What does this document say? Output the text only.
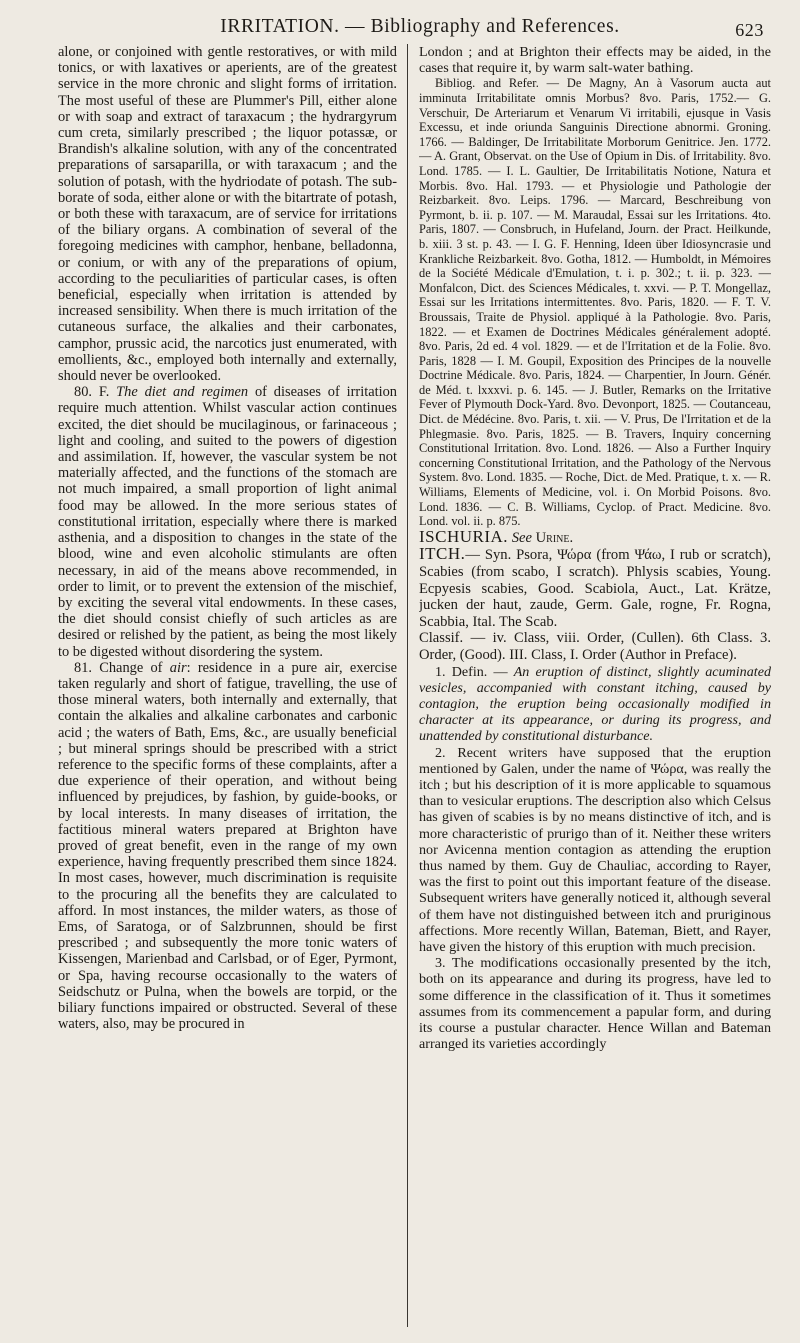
IRRITATION. — Bibliography and References.	623

alone, or conjoined with gentle restoratives, or with mild tonics, or with laxatives or aperients, are of the greatest service in the more chronic and slight forms of irritation. The most useful of these are Plummer's Pill, either alone or with soap and extract of taraxacum ; the hydrargyrum cum creta, similarly prescribed ; the liquor potassæ, or Brandish's alkaline solution, with any of the concentrated preparations of sarsaparilla, or with taraxacum ; and the solution of potash, with the hydriodate of potash. The sub-borate of soda, either alone or with the bitartrate of potash, or both these with taraxacum, are of service for irritations of the biliary organs. A combination of several of the foregoing medicines with camphor, henbane, belladonna, or conium, or with any of the preparations of opium, according to the peculiarities of particular cases, is often beneficial, especially when irritation is attended by increased sensibility. When there is much irritation of the cutaneous surface, the alkalies and their carbonates, camphor, prussic acid, the narcotics just enumerated, with emollients, &c., employed both internally and externally, should never be overlooked.

80. F. The diet and regimen of diseases of irritation require much attention. Whilst vascular action continues excited, the diet should be mucilaginous, or farinaceous ; light and cooling, and suited to the powers of digestion and assimilation. If, however, the vascular system be not materially affected, and the functions of the stomach are not much impaired, a small proportion of light animal food may be allowed. In the more serious states of constitutional irritation, especially where there is marked asthenia, and a disposition to changes in the state of the blood, wine and even alcoholic stimulants are often necessary, in aid of the means above recommended, in order to limit, or to prevent the extension of the mischief, by exciting the several vital endowments. In these cases, the diet should consist chiefly of such articles as are desired or relished by the patient, as being the most likely to be digested without disordering the system.

81. Change of air: residence in a pure air, exercise taken regularly and short of fatigue, travelling, the use of those mineral waters, both internally and externally, that contain the alkalies and alkaline carbonates and carbonic acid ; the waters of Bath, Ems, &c., are usually beneficial ; but mineral springs should be prescribed with a strict reference to the specific forms of these complaints, after a due experience of their operation, and without being influenced by prejudices, by fashion, by guide-books, or by local interests. In many diseases of irritation, the factitious mineral waters prepared at Brighton have proved of great benefit, even in the range of my own experience, having frequently prescribed them since 1824. In most cases, however, much discrimination is requisite to the procuring all the benefits they are calculated to afford. In most instances, the milder waters, as those of Ems, of Saratoga, or of Salzbrunnen, should be first prescribed ; and subsequently the more tonic waters of Kissengen, Marienbad and Carlsbad, or of Eger, Pyrmont, or Spa, having recourse occasionally to the waters of Seidschutz or Pulna, when the bowels are torpid, or the biliary functions impaired or obstructed. Several of these waters, also, may be procured in

London ; and at Brighton their effects may be aided, in the cases that require it, by warm salt-water bathing.

Bibliog. and Refer. — De Magny, An à Vasorum aucta aut imminuta Irritabilitate omnis Morbus? 8vo. Paris, 1752.— G. Verschuir, De Arteriarum et Venarum Vi irritabili, ejusque in Vasis Excessu, et inde oriunda Sanguinis Directione abnormi. Groning. 1766. — Baldinger, De Irritabilitate Morborum Genitrice. Jen. 1772. — A. Grant, Observat. on the Use of Opium in Dis. of Irritability. 8vo. Lond. 1785. — I. L. Gaultier, De Irritabilitatis Notione, Natura et Morbis. 8vo. Hal. 1793. — et Physiologie und Pathologie der Reizbarkeit. 8vo. Leips. 1796. — Marcard, Beschreibung von Pyrmont, b. ii. p. 107. — M. Maraudal, Essai sur les Irritations. 4to. Paris, 1807. — Consbruch, in Hufeland, Journ. der Pract. Heilkunde, b. xiii. 3 st. p. 43. — I. G. F. Henning, Ideen über Idiosyncrasie und Krankliche Reizbarkeit. 8vo. Gotha, 1812. — Humboldt, in Mémoires de la Société Médicale d'Emulation, t. i. p. 302.; t. ii. p. 323. — Monfalcon, Dict. des Sciences Médicales, t. xxvi. — P. T. Mongellaz, Essai sur les Irritations intermittentes. 8vo. Paris, 1820. — F. T. V. Broussais, Traite de Physiol. appliqué à la Pathologie. 8vo. Paris, 1822. — et Examen de Doctrines Médicales généralement adopté. 8vo. Paris, 2d ed. 4 vol. 1829. — et de l'Irritation et de la Folie. 8vo. Paris, 1828 — I. M. Goupil, Exposition des Principes de la nouvelle Doctrine Médicale. 8vo. Paris, 1824. — Charpentier, In Journ. Génér. de Méd. t. lxxxvi. p. 6. 145. — J. Butler, Remarks on the Irritative Fever of Plymouth Dock-Yard. 8vo. Devonport, 1825. — Coutanceau, Dict. de Médécine. 8vo. Paris, t. xii. — V. Prus, De l'Irritation et de la Phlegmasie. 8vo. Paris, 1825. — B. Travers, Inquiry concerning Constitutional Irritation. 8vo. Lond. 1826. — Also a Further Inquiry concerning Constitutional Irritation, and the Pathology of the Nervous System. 8vo. Lond. 1835. — Roche, Dict. de Med. Pratique, t. x. — R. Williams, Elements of Medicine, vol. i. On Morbid Poisons. 8vo. Lond. 1836. — C. B. Williams, Cyclop. of Pract. Medicine. 8vo. Lond. vol. ii. p. 875.

ISCHURIA. See Urine.

ITCH.— Syn. Psora, Ψώρα (from Ψάω, I rub or scratch), Scabies (from scabo, I scratch). Phlysis scabies, Young. Ecpyesis scabies, Good. Scabiola, Auct., Lat. Krätze, jucken der haut, zaude, Germ. Gale, rogne, Fr. Rogna, Scabbia, Ital. The Scab.

Classif. — iv. Class, viii. Order, (Cullen). 6th Class. 3. Order, (Good). III. Class, I. Order (Author in Preface).

1. Defin. — An eruption of distinct, slightly acuminated vesicles, accompanied with constant itching, caused by contagion, the eruption being occasionally modified in character at its appearance, or during its progress, and unattended by constitutional disturbance.

2. Recent writers have supposed that the eruption mentioned by Galen, under the name of Ψώρα, was really the itch ; but his description of it is more applicable to squamous than to vesicular eruptions. The description also which Celsus has given of scabies is by no means distinctive of itch, and is more characteristic of prurigo than of it. Neither these writers nor Avicenna mention contagion as attending the eruption thus named by them. Guy de Chauliac, according to Rayer, was the first to point out this important feature of the disease. Subsequent writers have generally noticed it, although several of them have not distinguished between itch and pruriginous affections. More recently Willan, Bateman, Biett, and Rayer, have given the history of this eruption with much precision.

3. The modifications occasionally presented by the itch, both on its appearance and during its progress, have led to some difference in the classification of it. Thus it sometimes assumes from its commencement a papular form, and during its course a pustular character. Hence Willan and Bateman arranged its varieties accordingly
